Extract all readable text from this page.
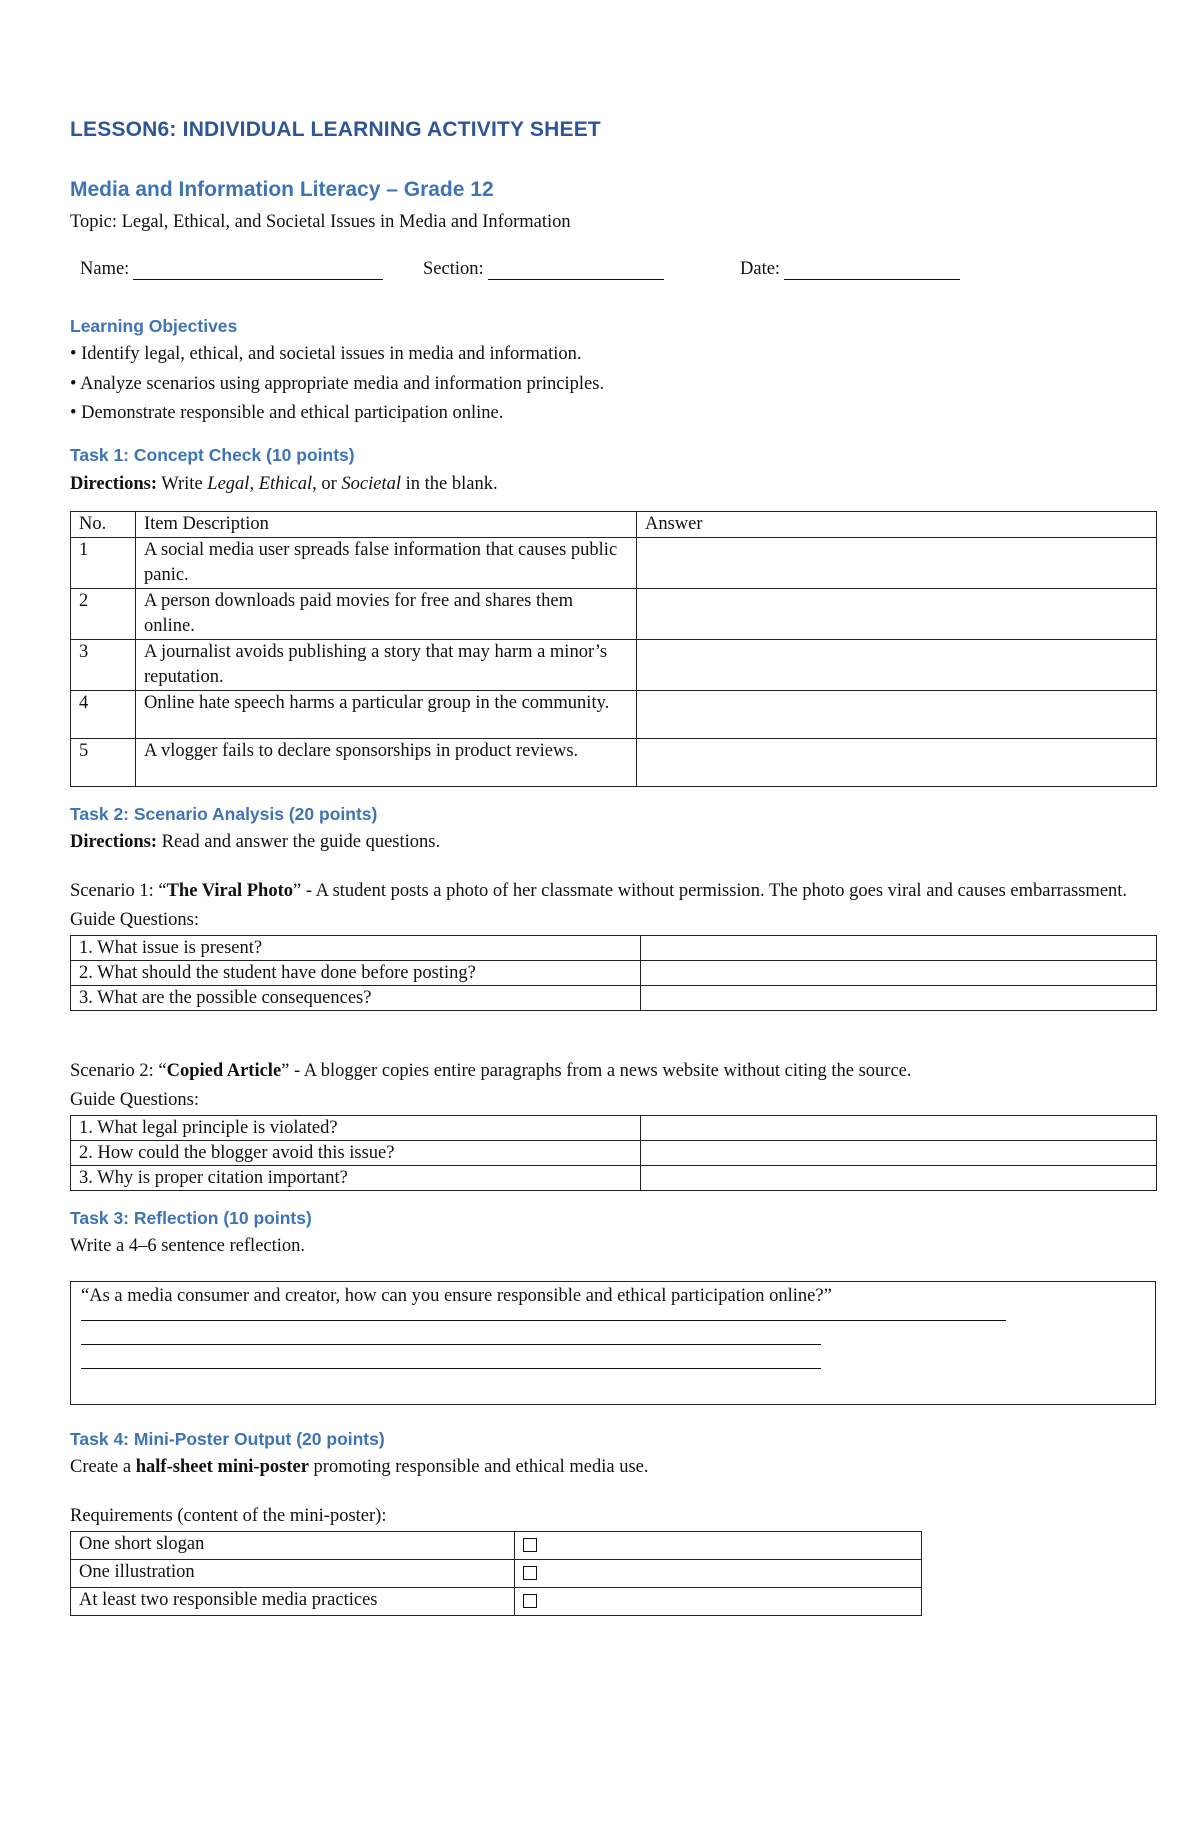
LESSON6: INDIVIDUAL LEARNING ACTIVITY SHEET
Media and Information Literacy – Grade 12

Topic: Legal, Ethical, and Societal Issues in Media and Information

Name:	Section:	Date:
Learning Objectives

• Identify legal, ethical, and societal issues in media and information.

• Analyze scenarios using appropriate media and information principles.

• Demonstrate responsible and ethical participation online.

Task 1: Concept Check (10 points)

Directions: Write Legal, Ethical, or Societal in the blank.

No.	Item Description	Answer
1	A social media user spreads false information that causes public panic.	
2	A person downloads paid movies for free and shares them online.	
3	A journalist avoids publishing a story that may harm a minor’s reputation.	
4	Online hate speech harms a particular group in the community.	
5	A vlogger fails to declare sponsorships in product reviews.	
Task 2: Scenario Analysis (20 points)

Directions: Read and answer the guide questions.

Scenario 1: “The Viral Photo” - A student posts a photo of her classmate without permission. The photo goes viral and causes embarrassment.

Guide Questions:

1. What issue is present?	
2. What should the student have done before posting?	
3. What are the possible consequences?	

Scenario 2: “Copied Article” - A blogger copies entire paragraphs from a news website without citing the source.

Guide Questions:

1. What legal principle is violated?	
2. How could the blogger avoid this issue?	
3. Why is proper citation important?	
Task 3: Reflection (10 points)

Write a 4–6 sentence reflection.

“As a media consumer and creator, how can you ensure responsible and ethical participation online?”
Task 4: Mini-Poster Output (20 points)

Create a half-sheet mini-poster promoting responsible and ethical media use.

Requirements (content of the mini-poster):

One short slogan	
One illustration	
At least two responsible media practices	
